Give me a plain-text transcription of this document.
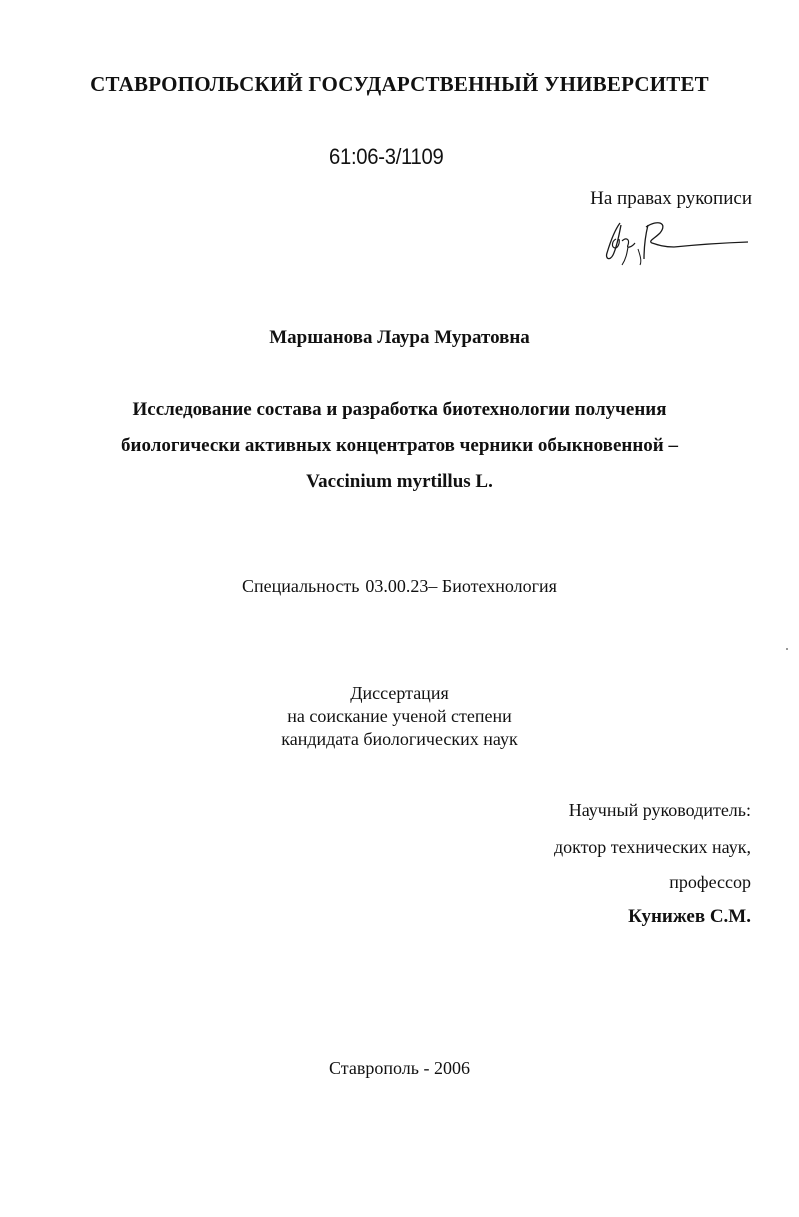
СТАВРОПОЛЬСКИЙ ГОСУДАРСТВЕННЫЙ УНИВЕРСИТЕТ
61:06-3/1109
На правах рукописи
Маршанова Лаура Муратовна
Исследование состава и разработка биотехнологии получения
биологически активных концентратов черники обыкновенной –
Vaccinium myrtillus L.
Специальность 03.00.23– Биотехнология
Диссертация
на соискание ученой степени
кандидата биологических наук
Научный руководитель:
доктор технических наук,
профессор
Кунижев С.М.
Ставрополь - 2006
